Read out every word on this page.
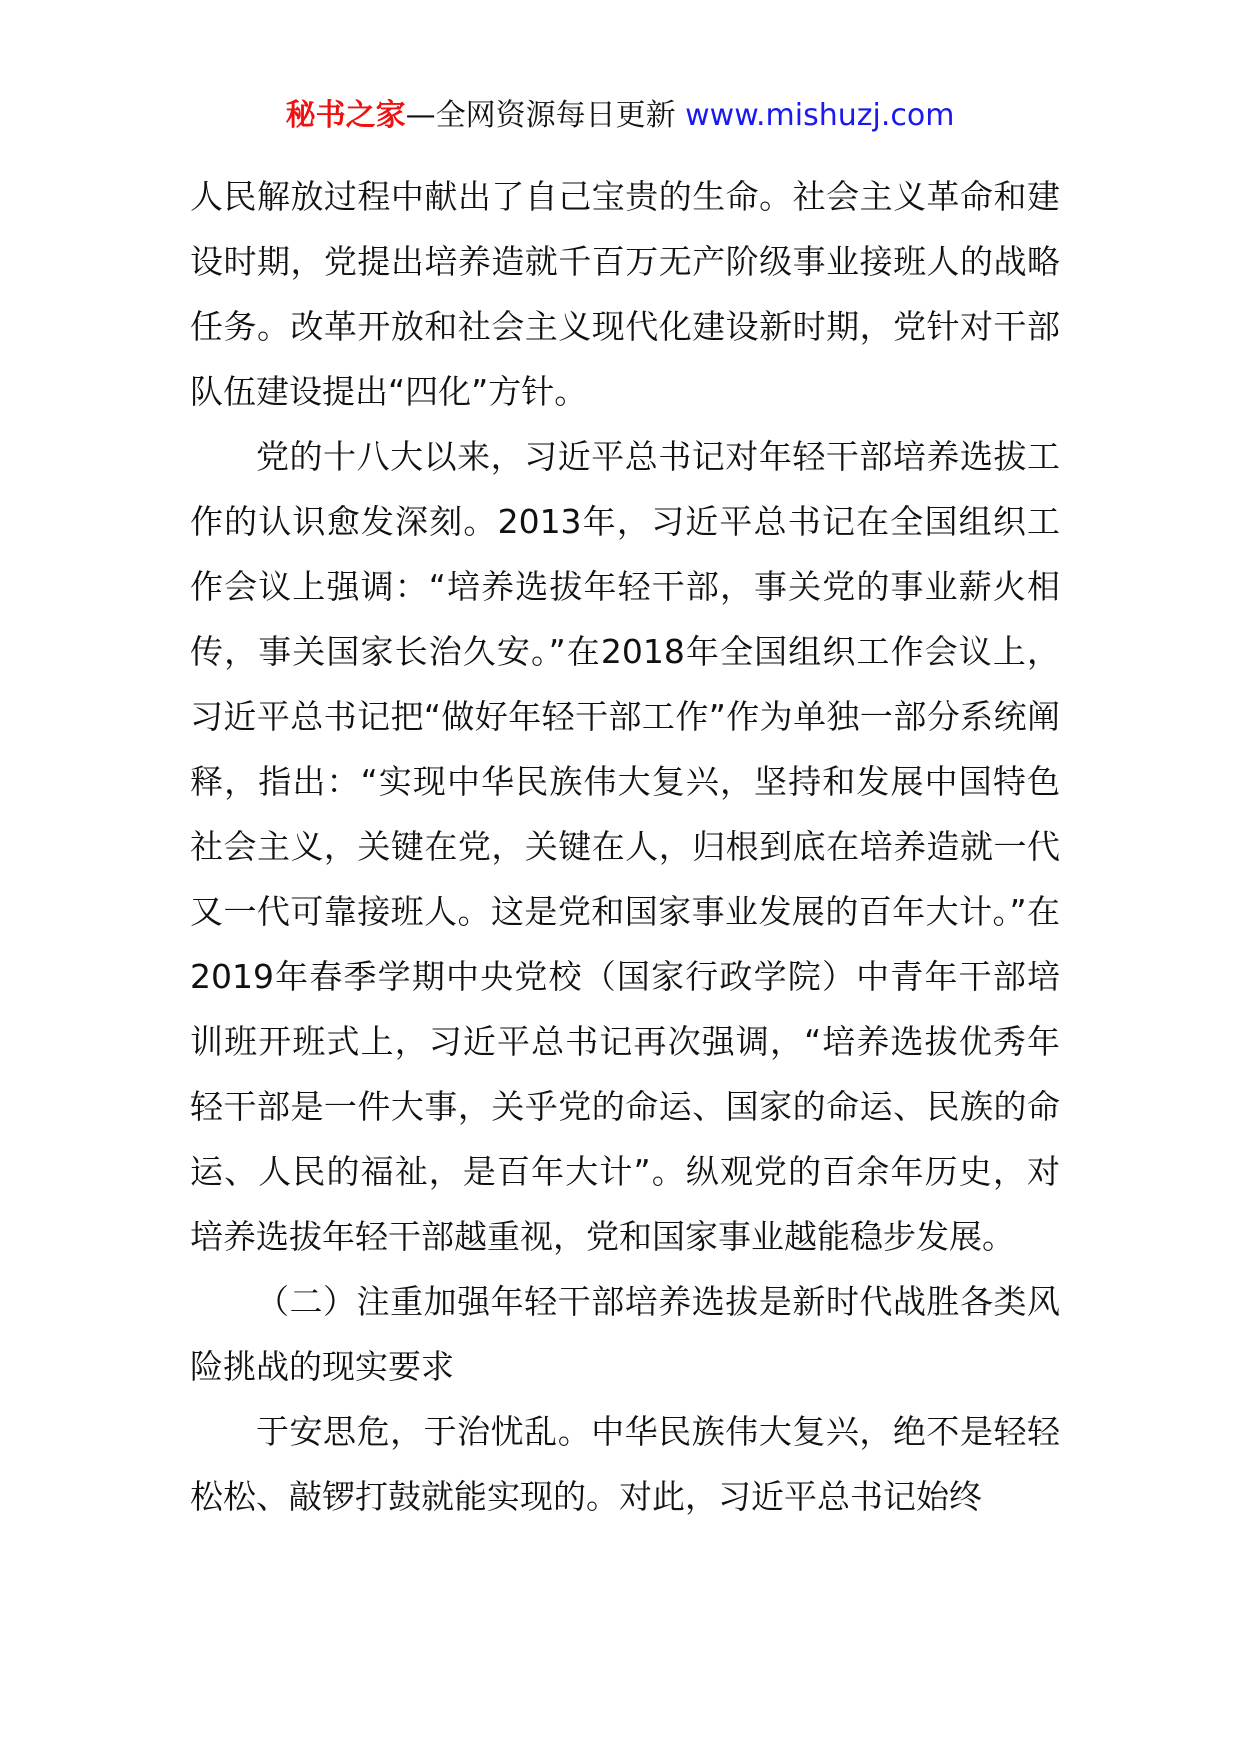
秘书之家—全网资源每日更新 www.mishuzj.com

人民解放过程中献出了自己宝贵的生命。社会主义革命和建设时期，党提出培养造就千百万无产阶级事业接班人的战略任务。改革开放和社会主义现代化建设新时期，党针对干部队伍建设提出“四化”方针。

党的十八大以来，习近平总书记对年轻干部培养选拔工作的认识愈发深刻。2013年，习近平总书记在全国组织工作会议上强调：“培养选拔年轻干部，事关党的事业薪火相传，事关国家长治久安。”在2018年全国组织工作会议上，习近平总书记把“做好年轻干部工作”作为单独一部分系统阐释，指出：“实现中华民族伟大复兴，坚持和发展中国特色社会主义，关键在党，关键在人，归根到底在培养造就一代又一代可靠接班人。这是党和国家事业发展的百年大计。”在2019年春季学期中央党校（国家行政学院）中青年干部培训班开班式上，习近平总书记再次强调，“培养选拔优秀年轻干部是一件大事，关乎党的命运、国家的命运、民族的命运、人民的福祉，是百年大计”。纵观党的百余年历史，对培养选拔年轻干部越重视，党和国家事业越能稳步发展。

（二）注重加强年轻干部培养选拔是新时代战胜各类风险挑战的现实要求

于安思危，于治忧乱。中华民族伟大复兴，绝不是轻轻松松、敲锣打鼓就能实现的。对此，习近平总书记始终
